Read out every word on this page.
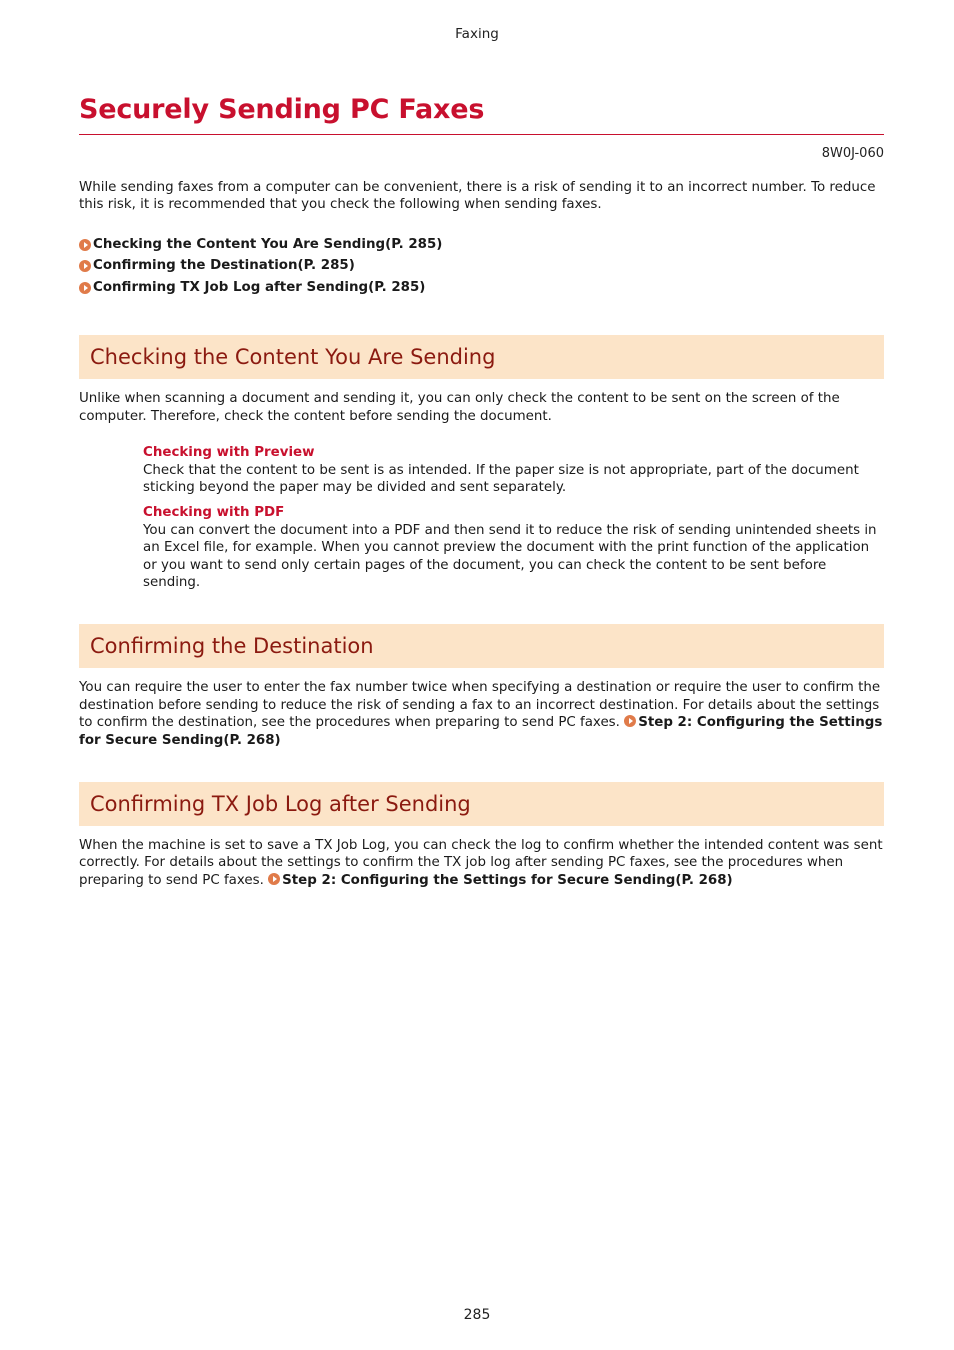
Faxing
Securely Sending PC Faxes
8W0J-060

While sending faxes from a computer can be convenient, there is a risk of sending it to an incorrect number. To reduce this risk, it is recommended that you check the following when sending faxes.

Checking the Content You Are Sending(P. 285)
Confirming the Destination(P. 285)
Confirming TX Job Log after Sending(P. 285)
Checking the Content You Are Sending

Unlike when scanning a document and sending it, you can only check the content to be sent on the screen of the computer. Therefore, check the content before sending the document.

Checking with Preview

Check that the content to be sent is as intended. If the paper size is not appropriate, part of the document sticking beyond the paper may be divided and sent separately.

Checking with PDF

You can convert the document into a PDF and then send it to reduce the risk of sending unintended sheets in an Excel file, for example. When you cannot preview the document with the print function of the application or you want to send only certain pages of the document, you can check the content to be sent before sending.

Confirming the Destination

You can require the user to enter the fax number twice when specifying a destination or require the user to confirm the destination before sending to reduce the risk of sending a fax to an incorrect destination. For details about the settings to confirm the destination, see the procedures when preparing to send PC faxes. Step 2: Configuring the Settings for Secure Sending(P. 268)

Confirming TX Job Log after Sending

When the machine is set to save a TX Job Log, you can check the log to confirm whether the intended content was sent correctly. For details about the settings to confirm the TX job log after sending PC faxes, see the procedures when preparing to send PC faxes. Step 2: Configuring the Settings for Secure Sending(P. 268)

285
